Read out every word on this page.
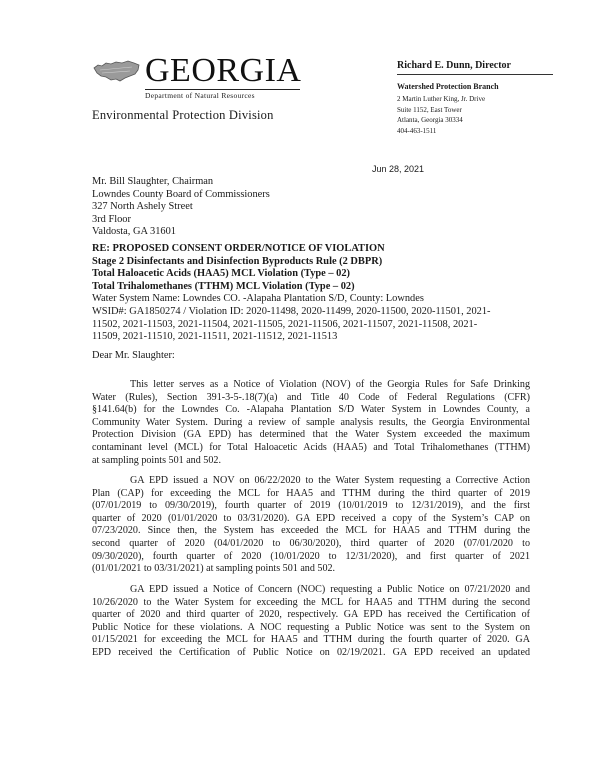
GEORGIA
Department of Natural Resources
Environmental Protection Division
Richard E. Dunn, Director
Watershed Protection Branch
2 Martin Luther King, Jr. Drive
Suite 1152, East Tower
Atlanta, Georgia 30334
404-463-1511
Jun 28, 2021
Mr. Bill Slaughter, Chairman
Lowndes County Board of Commissioners
327 North Ashely Street
3rd Floor
Valdosta, GA 31601
RE: PROPOSED CONSENT ORDER/NOTICE OF VIOLATION
Stage 2 Disinfectants and Disinfection Byproducts Rule (2 DBPR)
Total Haloacetic Acids (HAA5) MCL Violation (Type – 02)
Total Trihalomethanes (TTHM) MCL Violation (Type – 02)
Water System Name: Lowndes CO. -Alapaha Plantation S/D, County: Lowndes
WSID#: GA1850274 / Violation ID: 2020-11498, 2020-11499, 2020-11500, 2020-11501, 2021-
11502, 2021-11503, 2021-11504, 2021-11505, 2021-11506, 2021-11507, 2021-11508, 2021-
11509, 2021-11510, 2021-11511, 2021-11512, 2021-11513
Dear Mr. Slaughter:
This letter serves as a Notice of Violation (NOV) of the Georgia Rules for Safe Drinking
Water (Rules), Section 391-3-5-.18(7)(a) and Title 40 Code of Federal Regulations (CFR)
§141.64(b) for the Lowndes Co. -Alapaha Plantation S/D Water System in Lowndes County, a
Community Water System. During a review of sample analysis results, the Georgia Environmental
Protection Division (GA EPD) has determined that the Water System exceeded the maximum
contaminant level (MCL) for Total Haloacetic Acids (HAA5) and Total Trihalomethanes (TTHM)
at sampling points 501 and 502.
GA EPD issued a NOV on 06/22/2020 to the Water System requesting a Corrective Action
Plan (CAP) for exceeding the MCL for HAA5 and TTHM during the third quarter of 2019
(07/01/2019 to 09/30/2019), fourth quarter of 2019 (10/01/2019 to 12/31/2019), and the first
quarter of 2020 (01/01/2020 to 03/31/2020). GA EPD received a copy of the System’s CAP on
07/23/2020. Since then, the System has exceeded the MCL for HAA5 and TTHM during the
second quarter of 2020 (04/01/2020 to 06/30/2020), third quarter of 2020 (07/01/2020 to
09/30/2020), fourth quarter of 2020 (10/01/2020 to 12/31/2020), and first quarter of 2021
(01/01/2021 to 03/31/2021) at sampling points 501 and 502.
GA EPD issued a Notice of Concern (NOC) requesting a Public Notice on 07/21/2020 and
10/26/2020 to the Water System for exceeding the MCL for HAA5 and TTHM during the second
quarter of 2020 and third quarter of 2020, respectively. GA EPD has received the Certification of
Public Notice for these violations. A NOC requesting a Public Notice was sent to the System on
01/15/2021 for exceeding the MCL for HAA5 and TTHM during the fourth quarter of 2020. GA
EPD received the Certification of Public Notice on 02/19/2021. GA EPD received an updated
